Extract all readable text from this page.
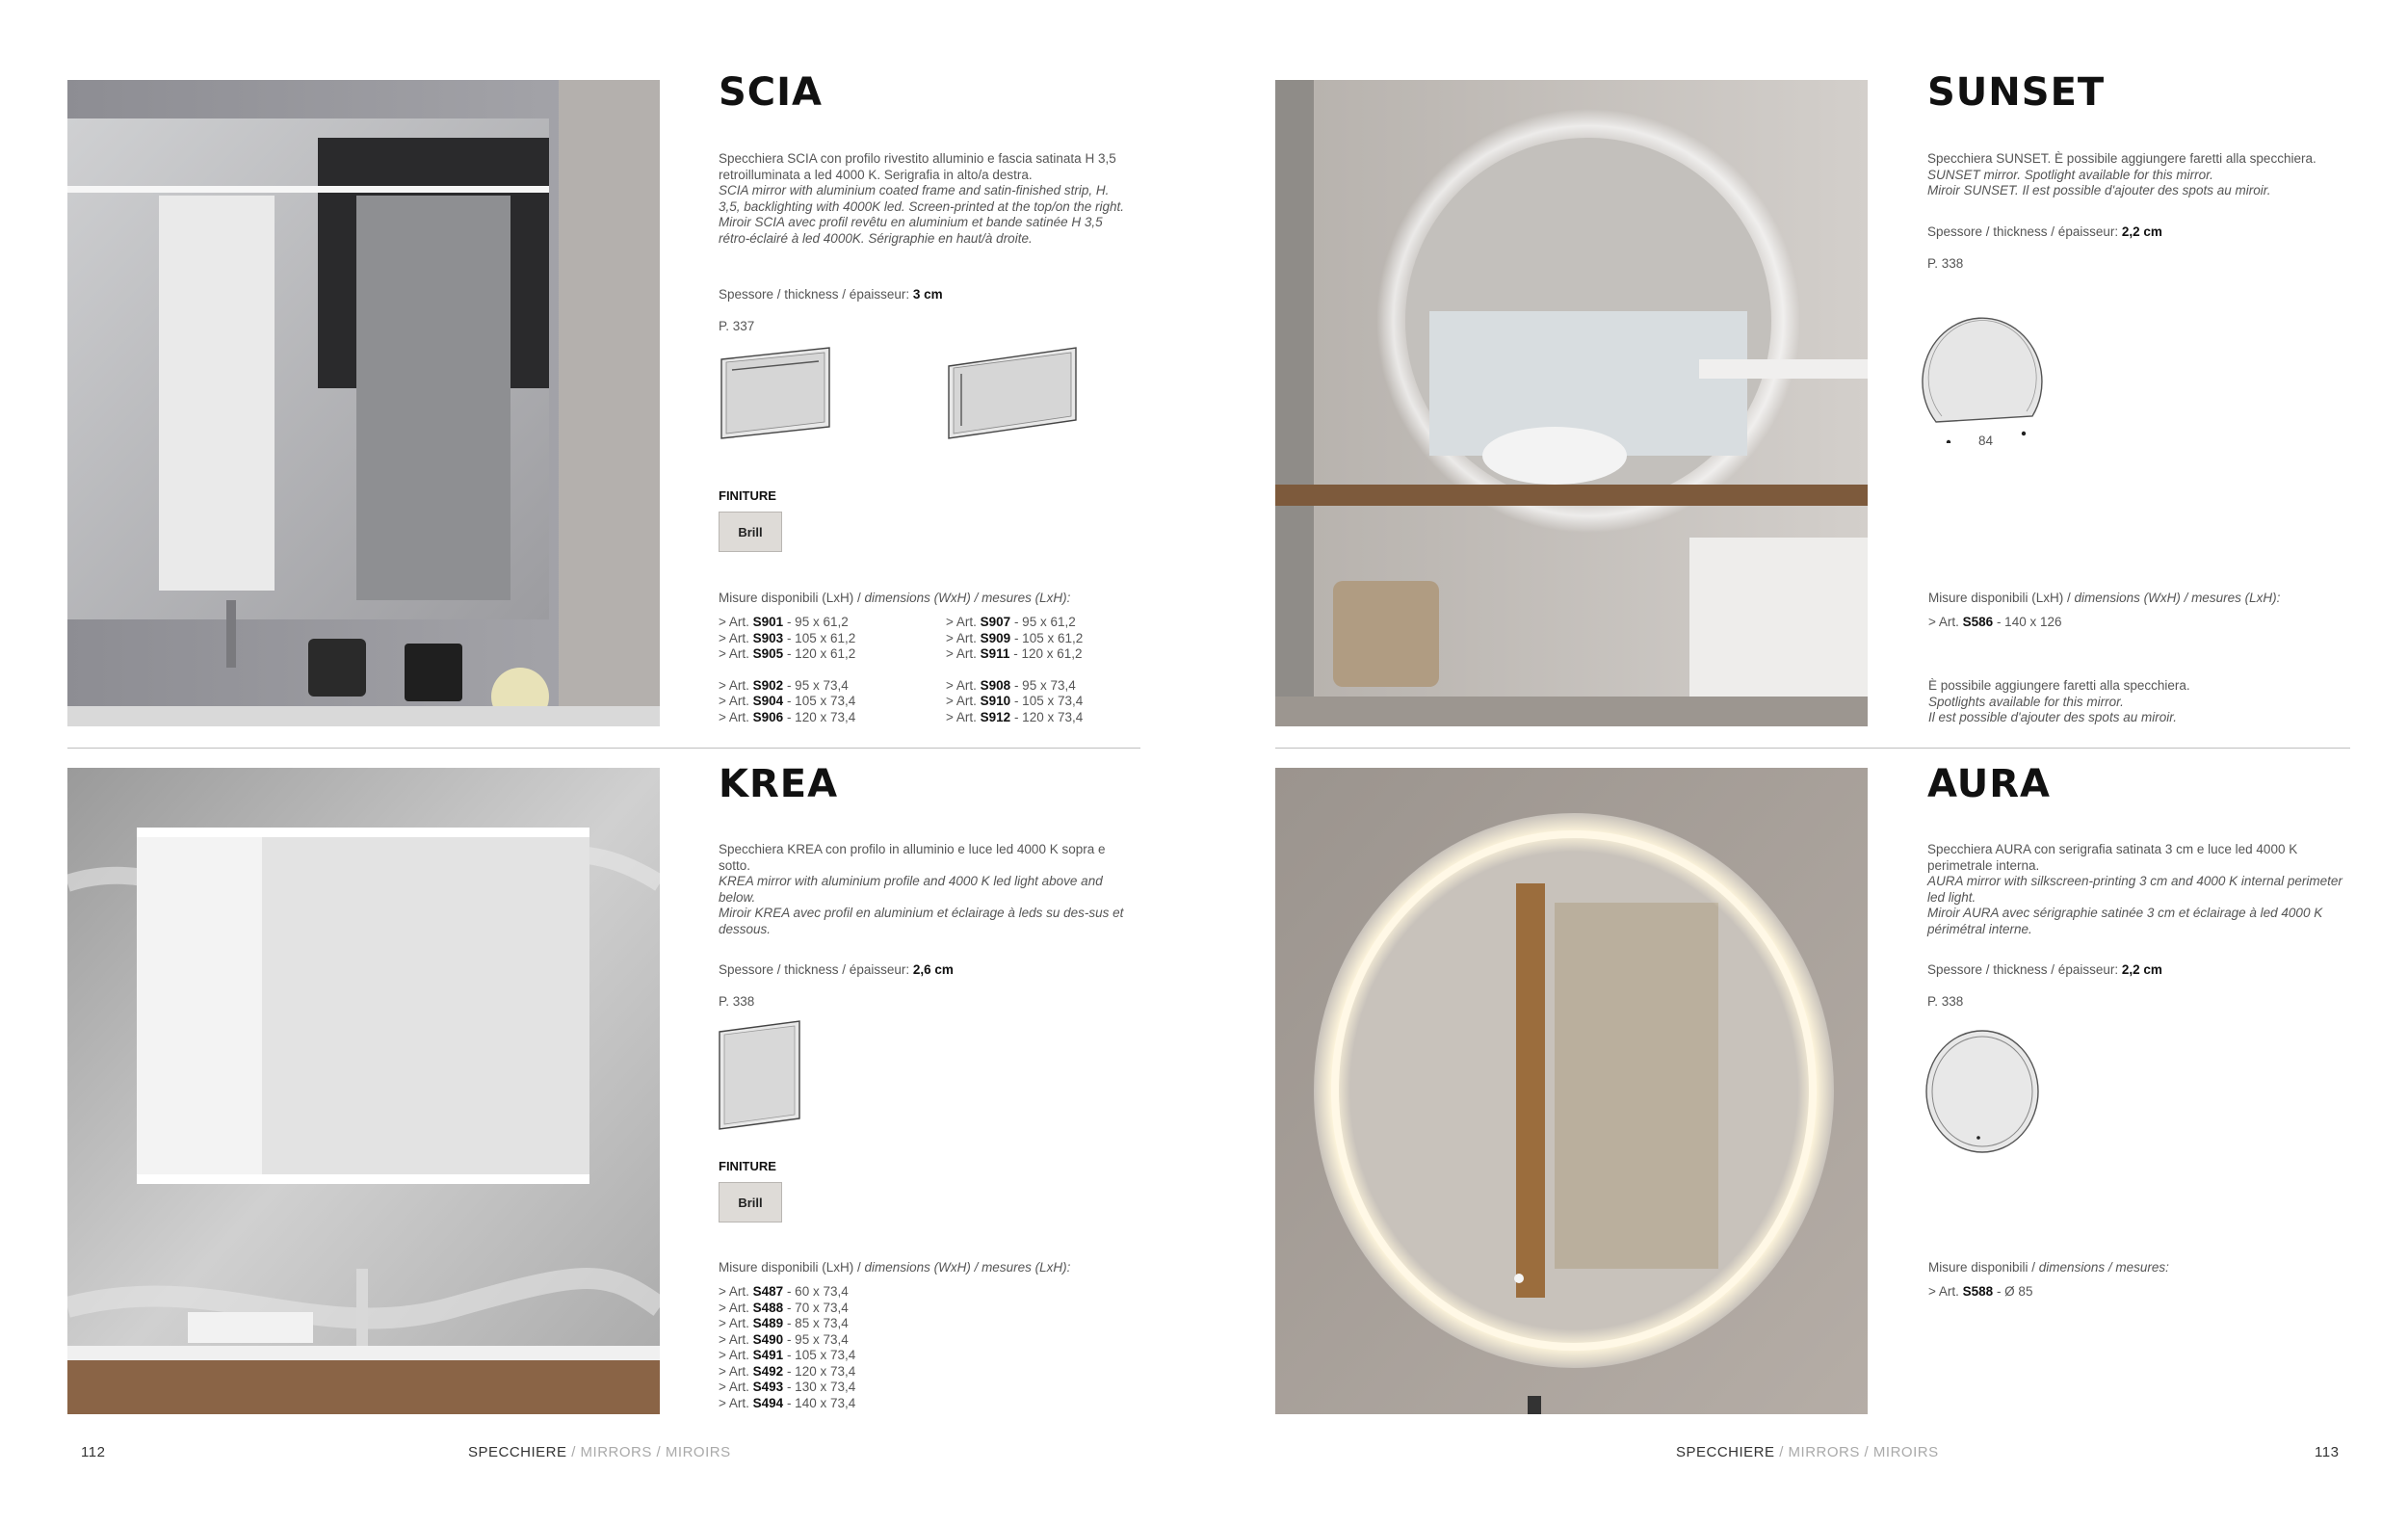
SCIA

Specchiera SCIA con profilo rivestito alluminio e fascia satinata H 3,5 retroilluminata a led 4000 K. Serigrafia in alto/a destra.

SCIA mirror with aluminium coated frame and satin-finished strip, H. 3,5, backlighting with 4000K led. Screen-printed at the top/on the right.

Miroir SCIA avec profil revêtu en aluminium et bande satinée H 3,5 rétro-éclairé à led 4000K. Sérigraphie en haut/à droite.

Spessore / thickness / épaisseur: 3 cm
P. 337
FINITURE
Brill
Misure disponibili (LxH) / dimensions (WxH) / mesures (LxH):
> Art. S901 - 95 x 61,2
> Art. S903 - 105 x 61,2
> Art. S905 - 120 x 61,2
> Art. S902 - 95 x 73,4
> Art. S904 - 105 x 73,4
> Art. S906 - 120 x 73,4
> Art. S907 - 95 x 61,2
> Art. S909 - 105 x 61,2
> Art. S911 - 120 x 61,2
> Art. S908 - 95 x 73,4
> Art. S910 - 105 x 73,4
> Art. S912 - 120 x 73,4
SUNSET

Specchiera SUNSET. È possibile aggiungere faretti alla specchiera.

SUNSET mirror. Spotlight available for this mirror.

Miroir SUNSET. Il est possible d'ajouter des spots au miroir.

Spessore / thickness / épaisseur: 2,2 cm
P. 338
84
Misure disponibili (LxH) / dimensions (WxH) / mesures (LxH):
> Art. S586 - 140 x 126

È possibile aggiungere faretti alla specchiera.

Spotlights available for this mirror.

Il est possible d'ajouter des spots au miroir.

KREA

Specchiera KREA con profilo in alluminio e luce led 4000 K sopra e sotto.

KREA mirror with aluminium profile and 4000 K led light above and below.

Miroir KREA avec profil en aluminium et éclairage à leds su des-sus et dessous.

Spessore / thickness / épaisseur: 2,6 cm
P. 338
FINITURE
Brill
Misure disponibili (LxH) / dimensions (WxH) / mesures (LxH):
> Art. S487 - 60 x 73,4
> Art. S488 - 70 x 73,4
> Art. S489 - 85 x 73,4
> Art. S490 - 95 x 73,4
> Art. S491 - 105 x 73,4
> Art. S492 - 120 x 73,4
> Art. S493 - 130 x 73,4
> Art. S494 - 140 x 73,4
AURA

Specchiera AURA con serigrafia satinata 3 cm e luce led 4000 K perimetrale interna.

AURA mirror with silkscreen-printing 3 cm and 4000 K internal perimeter led light.

Miroir AURA avec sérigraphie satinée 3 cm et éclairage à led 4000 K périmétral interne.

Spessore / thickness / épaisseur: 2,2 cm
P. 338
Misure disponibili / dimensions / mesures:
> Art. S588 - Ø 85
112	SPECCHIERE / MIRRORS / MIROIRS	SPECCHIERE / MIRRORS / MIROIRS	113
